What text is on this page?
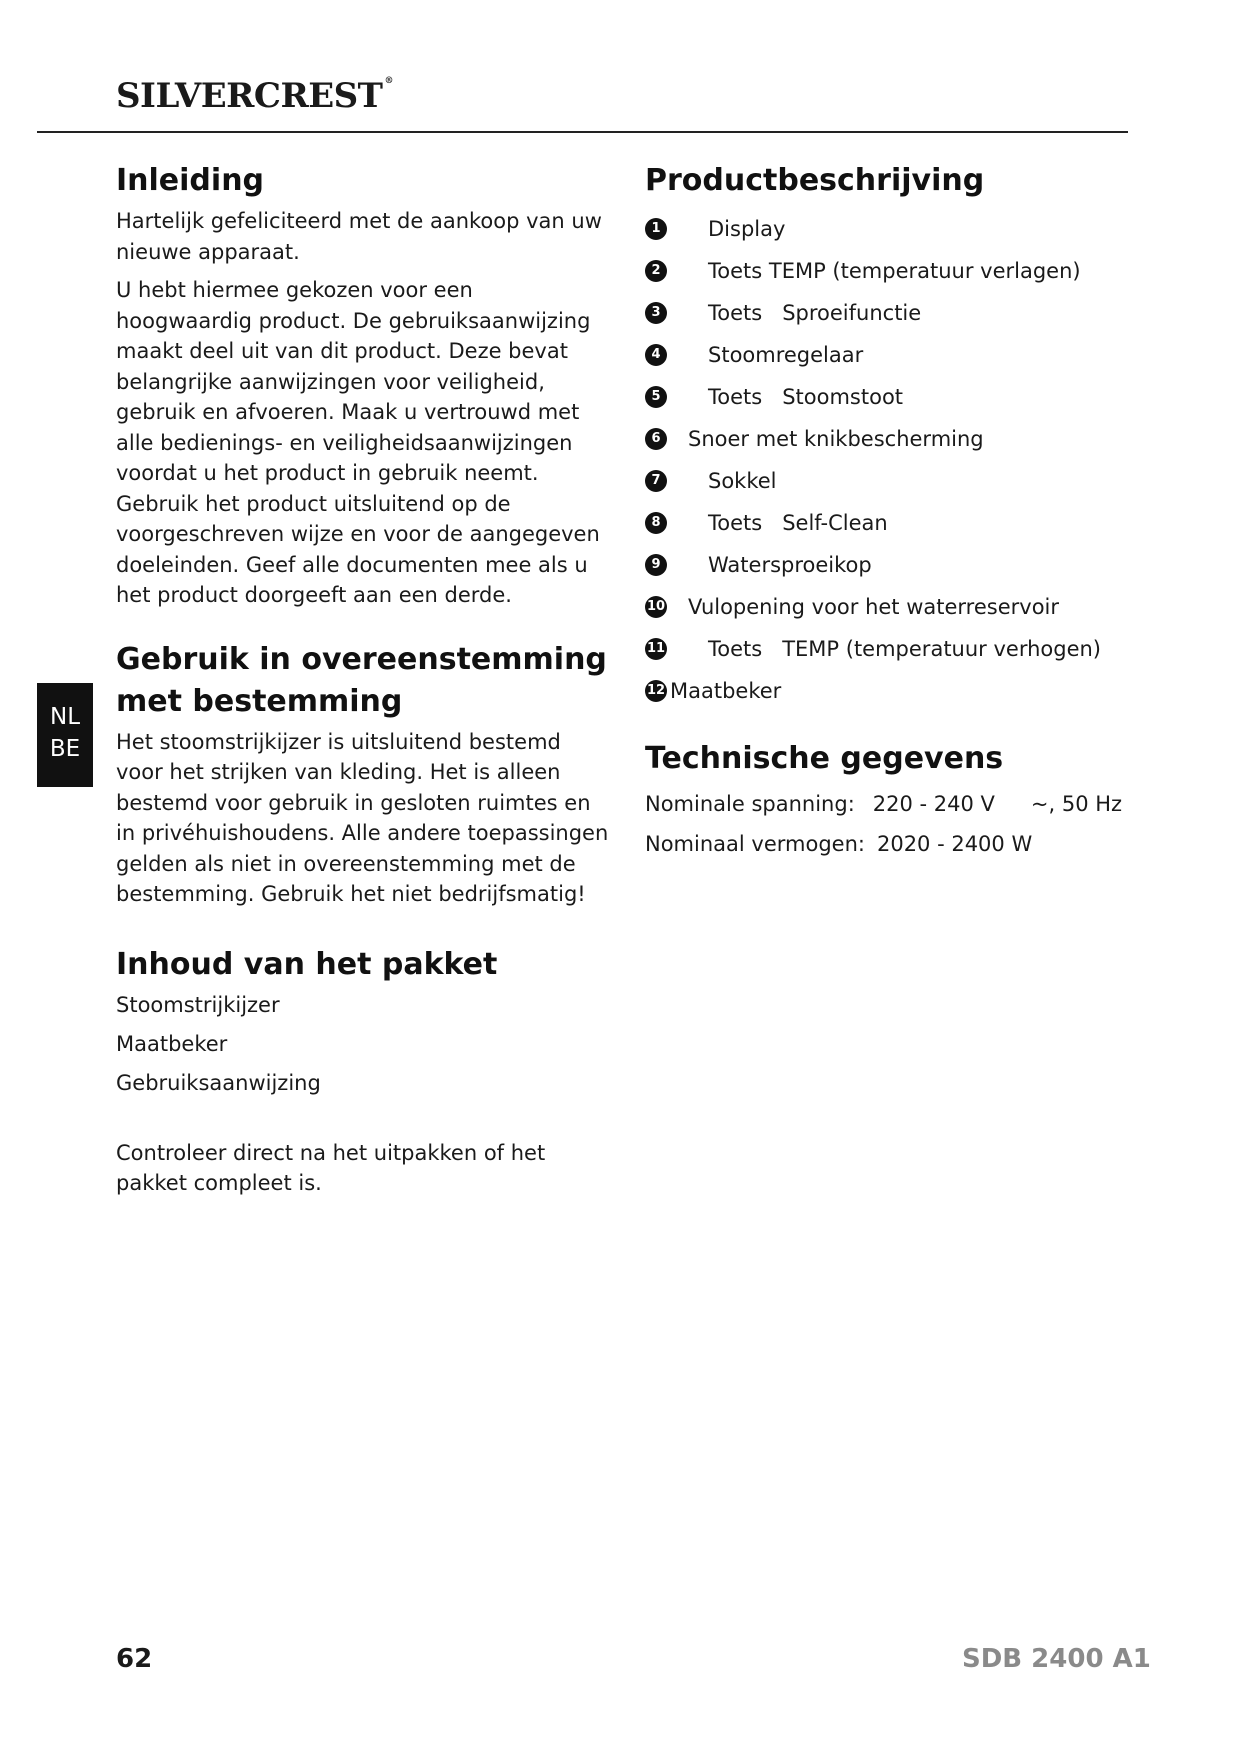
SILVERCREST ®
NL
BE
Inleiding

Hartelijk gefeliciteerd met de aankoop van uw nieuwe apparaat.

U hebt hiermee gekozen voor een hoogwaardig product. De gebruiksaanwijzing maakt deel uit van dit product. Deze bevat belangrijke aanwijzingen voor veiligheid, gebruik en afvoeren. Maak u vertrouwd met alle bedienings- en veiligheidsaanwijzingen voordat u het product in gebruik neemt. Gebruik het product uitsluitend op de voorgeschreven wijze en voor de aangegeven doeleinden. Geef alle documenten mee als u het product doorgeeft aan een derde.

Gebruik in overeenstemming met bestemming

Het stoomstrijkijzer is uitsluitend bestemd voor het strijken van kleding. Het is alleen bestemd voor gebruik in gesloten ruimtes en in privéhuishoudens. Alle andere toepassingen gelden als niet in overeenstemming met de bestemming. Gebruik het niet bedrijfsmatig!

Inhoud van het pakket
Stoomstrijkijzer
Maatbeker
Gebruiksaanwijzing

Controleer direct na het uitpakken of het pakket compleet is.

Productbeschrijving
1	Display
2	Toets TEMP (temperatuur verlagen)
3	Toets Sproeifunctie
4	Stoomregelaar
5	Toets Stoomstoot
6	Snoer met knikbescherming
7	Sokkel
8	Toets Self-Clean
9	Watersproeikop
10 Vulopening voor het waterreservoir
11 Toets TEMP (temperatuur verhogen)
12 Maatbeker
Technische gegevens
Nominale spanning: 220 - 240 V ~, 50 Hz
Nominaal vermogen: 2020 - 2400 W
62	SDB 2400 A1
